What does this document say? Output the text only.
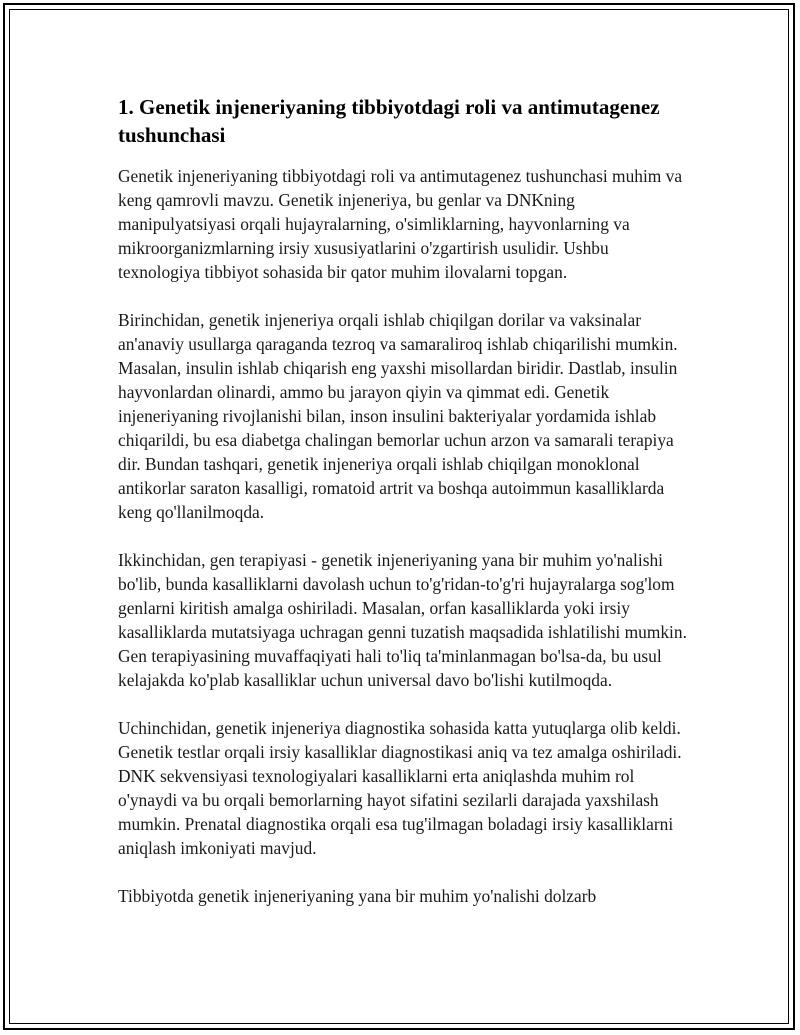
1. Genetik injeneriyaning tibbiyotdagi roli va antimutagenez tushunchasi

Genetik injeneriyaning tibbiyotdagi roli va antimutagenez tushunchasi muhim va keng qamrovli mavzu. Genetik injeneriya, bu genlar va DNKning manipulyatsiyasi orqali hujayralarning, o'simliklarning, hayvonlarning va mikroorganizmlarning irsiy xususiyatlarini o'zgartirish usulidir. Ushbu texnologiya tibbiyot sohasida bir qator muhim ilovalarni topgan.

Birinchidan, genetik injeneriya orqali ishlab chiqilgan dorilar va vaksinalar an'anaviy usullarga qaraganda tezroq va samaraliroq ishlab chiqarilishi mumkin. Masalan, insulin ishlab chiqarish eng yaxshi misollardan biridir. Dastlab, insulin hayvonlardan olinardi, ammo bu jarayon qiyin va qimmat edi. Genetik injeneriyaning rivojlanishi bilan, inson insulini bakteriyalar yordamida ishlab chiqarildi, bu esa diabetga chalingan bemorlar uchun arzon va samarali terapiya dir. Bundan tashqari, genetik injeneriya orqali ishlab chiqilgan monoklonal antikorlar saraton kasalligi, romatoid artrit va boshqa autoimmun kasalliklarda keng qo'llanilmoqda.

Ikkinchidan, gen terapiyasi - genetik injeneriyaning yana bir muhim yo'nalishi bo'lib, bunda kasalliklarni davolash uchun to'g'ridan-to'g'ri hujayralarga sog'lom genlarni kiritish amalga oshiriladi. Masalan, orfan kasalliklarda yoki irsiy kasalliklarda mutatsiyaga uchragan genni tuzatish maqsadida ishlatilishi mumkin. Gen terapiyasining muvaffaqiyati hali to'liq ta'minlanmagan bo'lsa-da, bu usul kelajakda ko'plab kasalliklar uchun universal davo bo'lishi kutilmoqda.

Uchinchidan, genetik injeneriya diagnostika sohasida katta yutuqlarga olib keldi. Genetik testlar orqali irsiy kasalliklar diagnostikasi aniq va tez amalga oshiriladi. DNK sekvensiyasi texnologiyalari kasalliklarni erta aniqlashda muhim rol o'ynaydi va bu orqali bemorlarning hayot sifatini sezilarli darajada yaxshilash mumkin. Prenatal diagnostika orqali esa tug'ilmagan boladagi irsiy kasalliklarni aniqlash imkoniyati mavjud.

Tibbiyotda genetik injeneriyaning yana bir muhim yo'nalishi dolzarb
